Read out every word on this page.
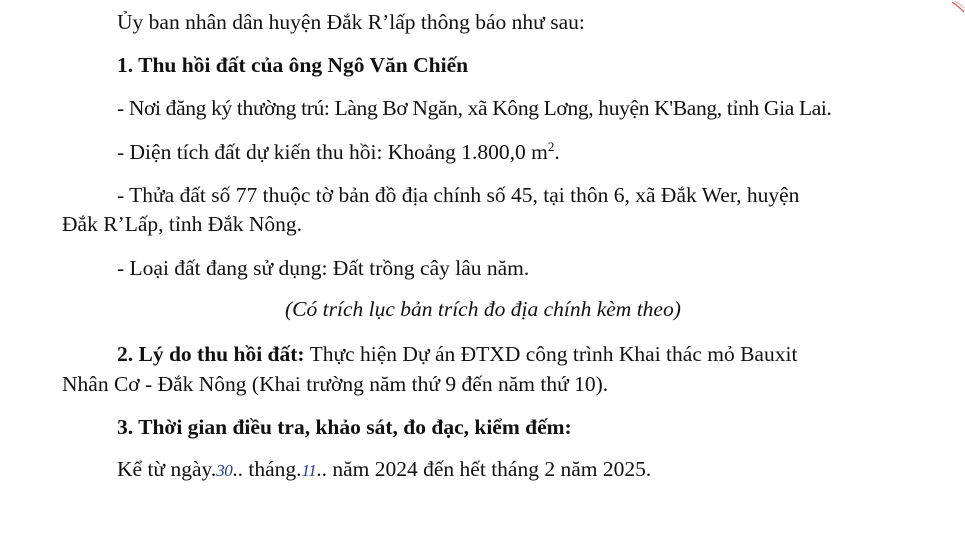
Ủy ban nhân dân huyện Đắk R’lấp thông báo như sau:
1. Thu hồi đất của ông Ngô Văn Chiến
- Nơi đăng ký thường trú: Làng Bơ Ngăn, xã Kông Lơng, huyện K'Bang, tỉnh Gia Lai.
- Diện tích đất dự kiến thu hồi: Khoảng 1.800,0 $m^2$.
- Thửa đất số 77 thuộc tờ bản đồ địa chính số 45, tại thôn 6, xã Đắk Wer, huyện
Đắk R’Lấp, tỉnh Đắk Nông.
- Loại đất đang sử dụng: Đất trồng cây lâu năm.
(Có trích lục bản trích đo địa chính kèm theo)
2. Lý do thu hồi đất: Thực hiện Dự án ĐTXD công trình Khai thác mỏ Bauxit
Nhân Cơ - Đắk Nông (Khai trường năm thứ 9 đến năm thứ 10).
3. Thời gian điều tra, khảo sát, đo đạc, kiểm đếm:
Kể từ ngày.30.. tháng.11.. năm 2024 đến hết tháng 2 năm 2025.
